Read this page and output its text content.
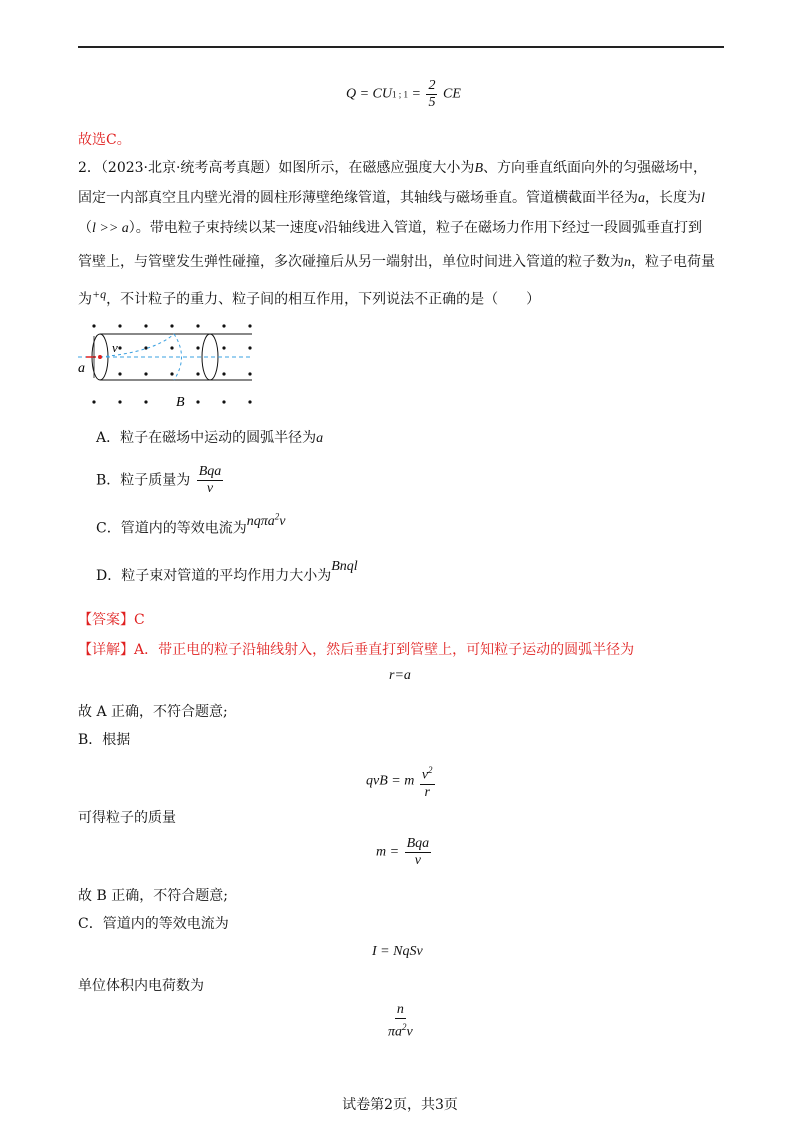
Q = CU1 ; $1 = \frac{2}{5}$ CE
故选C。
2．（2023·北京·统考高考真题）如图所示，在磁感应强度大小为B、方向垂直纸面向外的匀强磁场中，
固定一内部真空且内壁光滑的圆柱形薄壁绝缘管道，其轴线与磁场垂直。管道横截面半径为a，长度为l
（l >> a）。带电粒子束持续以某一速度v沿轴线进入管道，粒子在磁场力作用下经过一段圆弧垂直打到
管壁上，与管壁发生弹性碰撞，多次碰撞后从另一端射出，单位时间进入管道的粒子数为n，粒子电荷量
为+q，不计粒子的重力、粒子间的相互作用，下列说法不正确的是（　　）
v
a
B
A．粒子在磁场中运动的圆弧半径为a
B．粒子质量为 $\frac{\text{Bqa}}{v}$
C．管道内的等效电流为nqπa$^2$v
D．粒子束对管道的平均作用力大小为Bnql
【答案】C
【详解】A．带正电的粒子沿轴线射入，然后垂直打到管壁上，可知粒子运动的圆弧半径为
r=a
故 A 正确，不符合题意;
B．根据
qvB = m $\frac{v^2}{r}$
可得粒子的质量
$m = \frac{\text{Bqa}}{v}$
故 B 正确，不符合题意;
C．管道内的等效电流为
I = NqSv
单位体积内电荷数为
$\frac{n}{\pi a^2v}$
试卷第2页，共3页
